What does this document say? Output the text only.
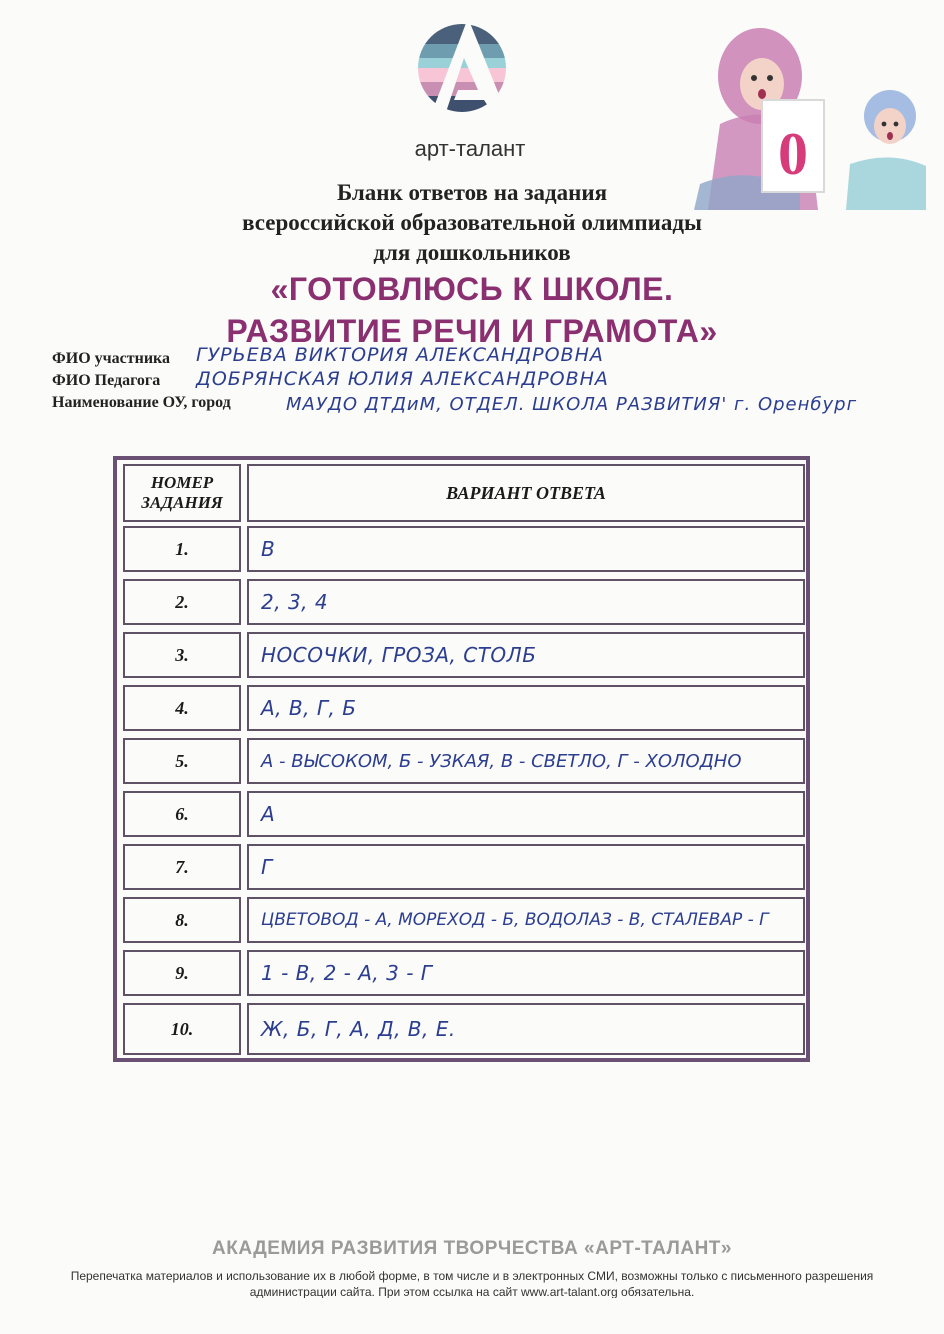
арт-талант	0
Бланк ответов на задания
всероссийской образовательной олимпиады
для дошкольников
«ГОТОВЛЮСЬ К ШКОЛЕ.
РАЗВИТИЕ РЕЧИ И ГРАМОТА»
ФИО участника ГУРЬЕВА ВИКТОРИЯ АЛЕКСАНДРОВНА
ФИО Педагога ДОБРЯНСКАЯ ЮЛИЯ АЛЕКСАНДРОВНА
Наименование ОУ, город	МАУДО ДТДиМ, ОТДЕЛ. ШКОЛА РАЗВИТИЯ' г. Оренбург
НОМЕР ЗАДАНИЯ	ВАРИАНТ ОТВЕТА
1.	В
2.	2, 3, 4
3.	НОСОЧКИ, ГРОЗА, СТОЛБ
4.	А, В, Г, Б
5.	А - ВЫСОКОМ, Б - УЗКАЯ, В - СВЕТЛО, Г - ХОЛОДНО
6.	А
7.	Г
8.	ЦВЕТОВОД - А, МОРЕХОД - Б, ВОДОЛАЗ - В, СТАЛЕВАР - Г
9.	1 - В, 2 - А, 3 - Г
10.	Ж, Б, Г, А, Д, В, Е.
АКАДЕМИЯ РАЗВИТИЯ ТВОРЧЕСТВА «АРТ-ТАЛАНТ»
Перепечатка материалов и использование их в любой форме, в том числе и в электронных СМИ, возможны только с письменного разрешения администрации сайта. При этом ссылка на сайт www.art-talant.org обязательна.
